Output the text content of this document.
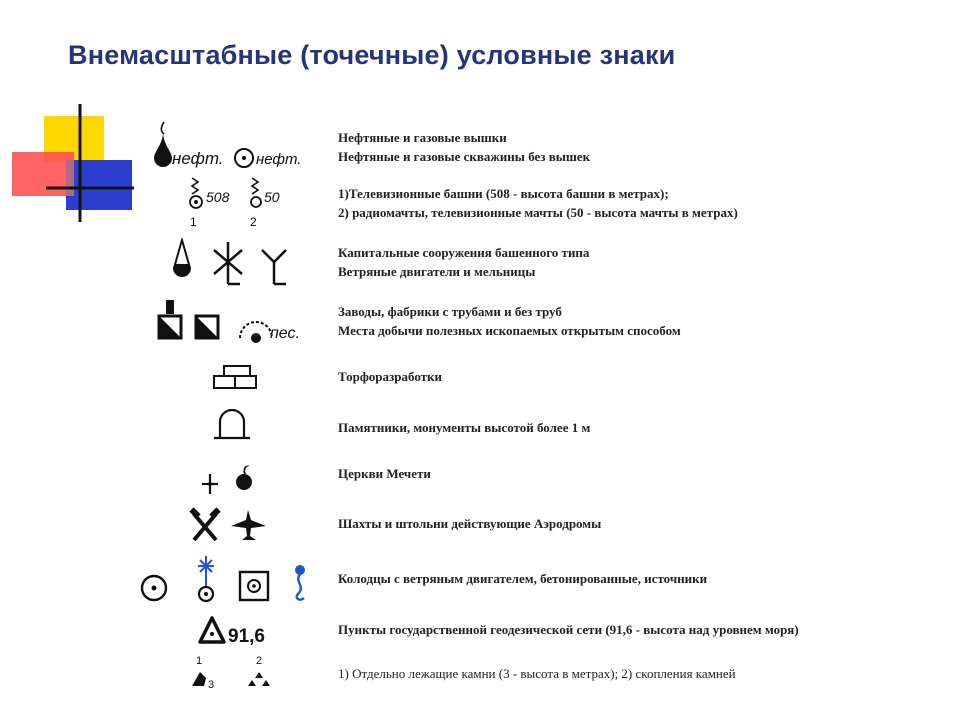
Внемасштабные (точечные) условные знаки
нефт. нефт.
508
1
50
2
пес.
91,6
1
3
2
Нефтяные и газовые вышки
Нефтяные и газовые скважины без вышек
1)Телевизионные башни (508 - высота башни в метрах);
2) радиомачты, телевизионные мачты (50 - высота мачты в метрах)
Капитальные сооружения башенного типа
Ветряные двигатели и мельницы
Заводы, фабрики с трубами и без труб
Места добычи полезных ископаемых открытым способом
Торфоразработки
Памятники, монументы высотой более 1 м
Церкви Мечети
Шахты и штольни действующие Аэродромы
Колодцы с ветряным двигателем, бетонированные, источники
Пункты государственной геодезической сети (91,6 - высота над уровнем моря)
1) Отдельно лежащие камни (3 - высота в метрах); 2) скопления камней
